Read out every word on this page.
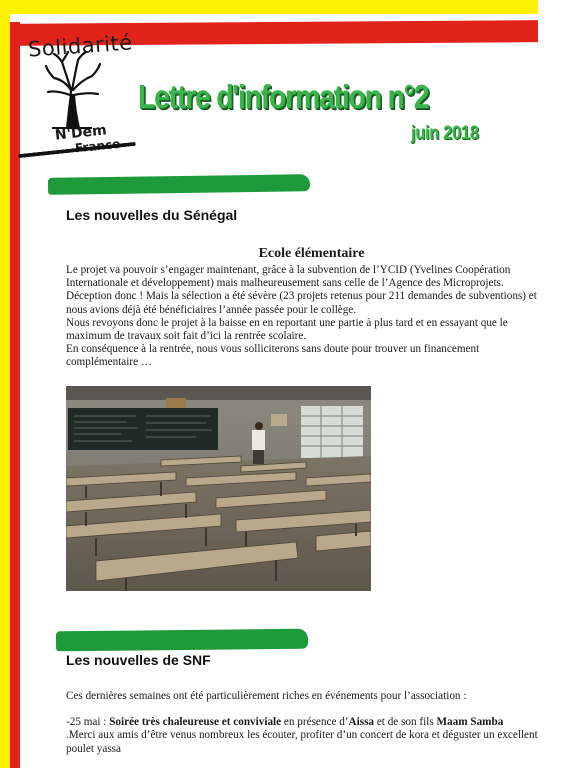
Solidarité
N'Dem
France
Lettre d'information n°2
juin 2018
Les nouvelles du Sénégal
Ecole élémentaire

Le projet va pouvoir s’engager maintenant, grâce à la subvention de l’YCID (Yvelines Coopération Internationale et développement) mais malheureusement sans celle de l’Agence des Microprojets.

Déception donc ! Mais la sélection a été sévère (23 projets retenus pour 211 demandes de subventions) et nous avions déjà été bénéficiaires l’année passée pour le collège.

Nous revoyons donc le projet à la baisse en en reportant une partie à plus tard et en essayant que le maximum de travaux soit fait d’ici la rentrée scolaire.

En conséquence à la rentrée, nous vous solliciterons sans doute pour trouver un financement complémentaire …

Les nouvelles de SNF
Ces dernières semaines ont été particulièrement riches en événements pour l’association :
-25 mai : Soirée très chaleureuse et conviviale en présence d’Aissa et de son fils Maam Samba
.Merci aux amis d’être venus nombreux les écouter, profiter d’un concert de kora et déguster un excellent poulet yassa
